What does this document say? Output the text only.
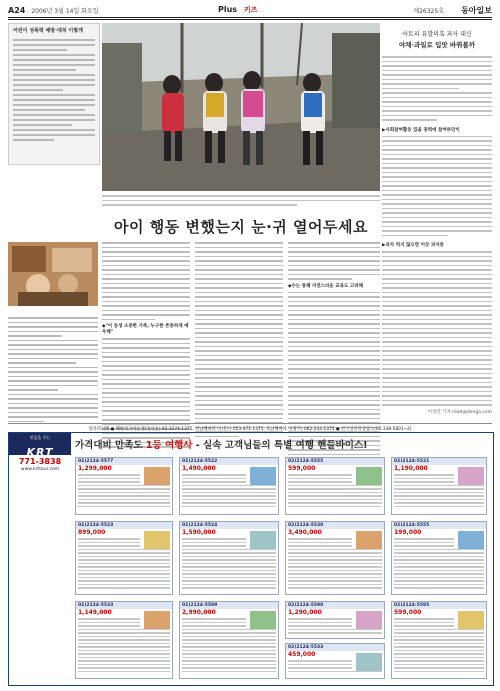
A24 2006년 3월 14일 화요일	Plus 키즈	제26325호 동아일보
어린이 성폭력 예방·대처 이렇게	아토피 유발의혹 과자 대신
야채·과일로 입맛 바꿔볼까
▶사회참여활동 있을 권력에 참여하던이
▶과자 먹지 않으면 이상 과자중
이성진 기자 road@donga.com
아이 행동 변했는지 눈·귀 열어두세요
◆"이 동생 소중한 가족, 누구한 존중하게 예우해"
◆수는 통해 자연스러운 교육도 고려해
성폭력피해 ● 해바라기아동센터(서울) 02-3274-1375, 영남해바라기(대구) 053-471-1375, 호남해바라기(광주) 062-232-1375 ● 한국성폭력상담소(02-338-5801~2)
믿음을 주는
KRT
가격대비 만족도 1등 여행사 - 실속 고객님들의 특별 여행 핸들바이스!
771-3838
www.krttour.com
02)2124-5577
1,299,000
02)2124-5522
1,490,000
02)2124-5555
599,000
02)2124-5521
1,190,000
02)2124-5523
899,000
02)2124-5524
1,590,000
02)2124-5530
3,490,000
02)2124-5555
199,000
02)2124-5599
2,990,000
02)2124-5590
1,290,000
02)2124-5595
599,000
02)2124-5533
459,000
02)2124-5533
1,149,000
